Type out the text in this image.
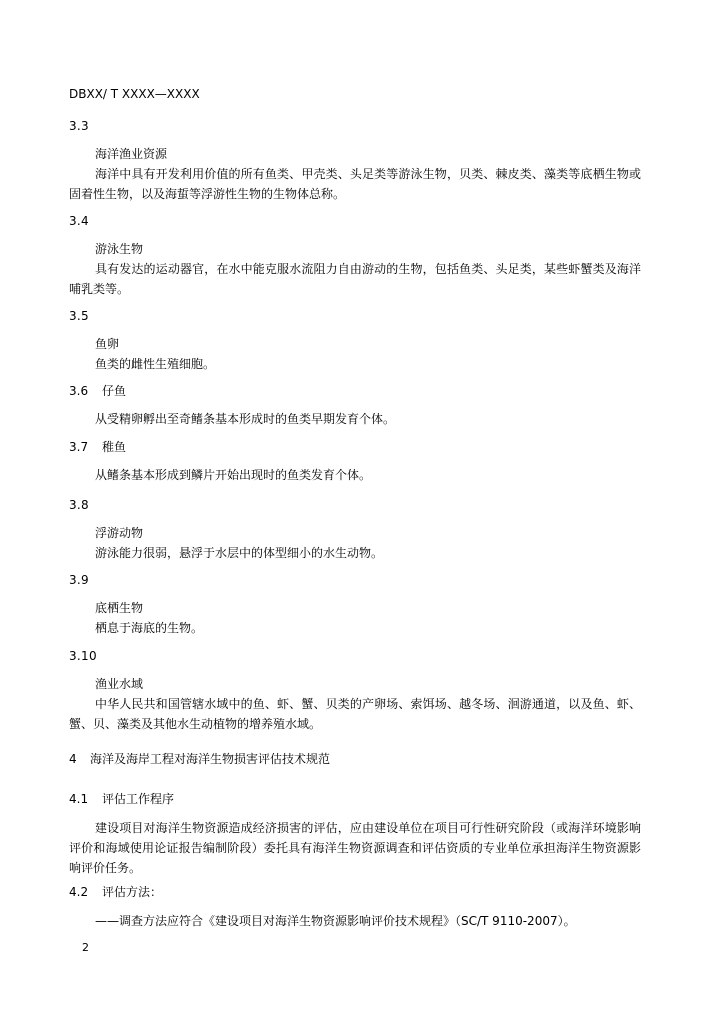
DBXX/ T XXXX—XXXX
3.3
海洋渔业资源
海洋中具有开发利用价值的所有鱼类、甲壳类、头足类等游泳生物，贝类、棘皮类、藻类等底栖生物或固着性生物，以及海蜇等浮游性生物的生物体总称。
3.4
游泳生物
具有发达的运动器官，在水中能克服水流阻力自由游动的生物，包括鱼类、头足类，某些虾蟹类及海洋哺乳类等。
3.5
鱼卵
鱼类的雌性生殖细胞。
3.6 仔鱼
从受精卵孵出至奇鳍条基本形成时的鱼类早期发育个体。
3.7 稚鱼
从鳍条基本形成到鳞片开始出现时的鱼类发育个体。
3.8
浮游动物
游泳能力很弱，悬浮于水层中的体型细小的水生动物。
3.9
底栖生物
栖息于海底的生物。
3.10
渔业水域
中华人民共和国管辖水域中的鱼、虾、蟹、贝类的产卵场、索饵场、越冬场、洄游通道，以及鱼、虾、蟹、贝、藻类及其他水生动植物的增养殖水域。
4 海洋及海岸工程对海洋生物损害评估技术规范
4.1 评估工作程序
建设项目对海洋生物资源造成经济损害的评估，应由建设单位在项目可行性研究阶段（或海洋环境影响评价和海域使用论证报告编制阶段）委托具有海洋生物资源调查和评估资质的专业单位承担海洋生物资源影响评价任务。
4.2 评估方法：
——调查方法应符合《建设项目对海洋生物资源影响评价技术规程》（SC/T 9110-2007）。
2
